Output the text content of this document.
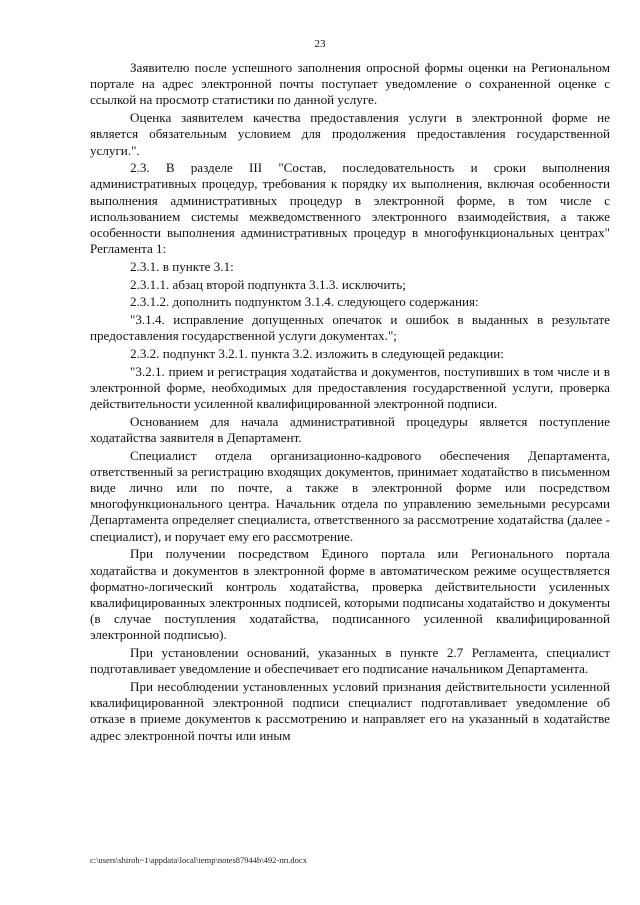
23

Заявителю после успешного заполнения опросной формы оценки на Региональном портале на адрес электронной почты поступает уведомление о сохраненной оценке с ссылкой на просмотр статистики по данной услуге.

Оценка заявителем качества предоставления услуги в электронной форме не является обязательным условием для продолжения предоставления государственной услуги.".

2.3. В разделе III "Состав, последовательность и сроки выполнения административных процедур, требования к порядку их выполнения, включая особенности выполнения административных процедур в электронной форме, в том числе с использованием системы межведомственного электронного взаимодействия, а также особенности выполнения административных процедур в многофункциональных центрах" Регламента 1:

2.3.1. в пункте 3.1:

2.3.1.1. абзац второй подпункта 3.1.3. исключить;

2.3.1.2. дополнить подпунктом 3.1.4. следующего содержания:

"3.1.4. исправление допущенных опечаток и ошибок в выданных в результате предоставления государственной услуги документах.";

2.3.2. подпункт 3.2.1. пункта 3.2. изложить в следующей редакции:

"3.2.1. прием и регистрация ходатайства и документов, поступивших в том числе и в электронной форме, необходимых для предоставления государственной услуги, проверка действительности усиленной квалифицированной электронной подписи.

Основанием для начала административной процедуры является поступление ходатайства заявителя в Департамент.

Специалист отдела организационно-кадрового обеспечения Департамента, ответственный за регистрацию входящих документов, принимает ходатайство в письменном виде лично или по почте, а также в электронной форме или посредством многофункционального центра. Начальник отдела по управлению земельными ресурсами Департамента определяет специалиста, ответственного за рассмотрение ходатайства (далее - специалист), и поручает ему его рассмотрение.

При получении посредством Единого портала или Регионального портала ходатайства и документов в электронной форме в автоматическом режиме осуществляется форматно-логический контроль ходатайства, проверка действительности усиленных квалифицированных электронных подписей, которыми подписаны ходатайство и документы (в случае поступления ходатайства, подписанного усиленной квалифицированной электронной подписью).

При установлении оснований, указанных в пункте 2.7 Регламента, специалист подготавливает уведомление и обеспечивает его подписание начальником Департамента.

При несоблюдении установленных условий признания действительности усиленной квалифицированной электронной подписи специалист подготавливает уведомление об отказе в приеме документов к рассмотрению и направляет его на указанный в ходатайстве адрес электронной почты или иным

c:\users\shiroh~1\appdata\local\temp\notes87944b\492-пп.docx
